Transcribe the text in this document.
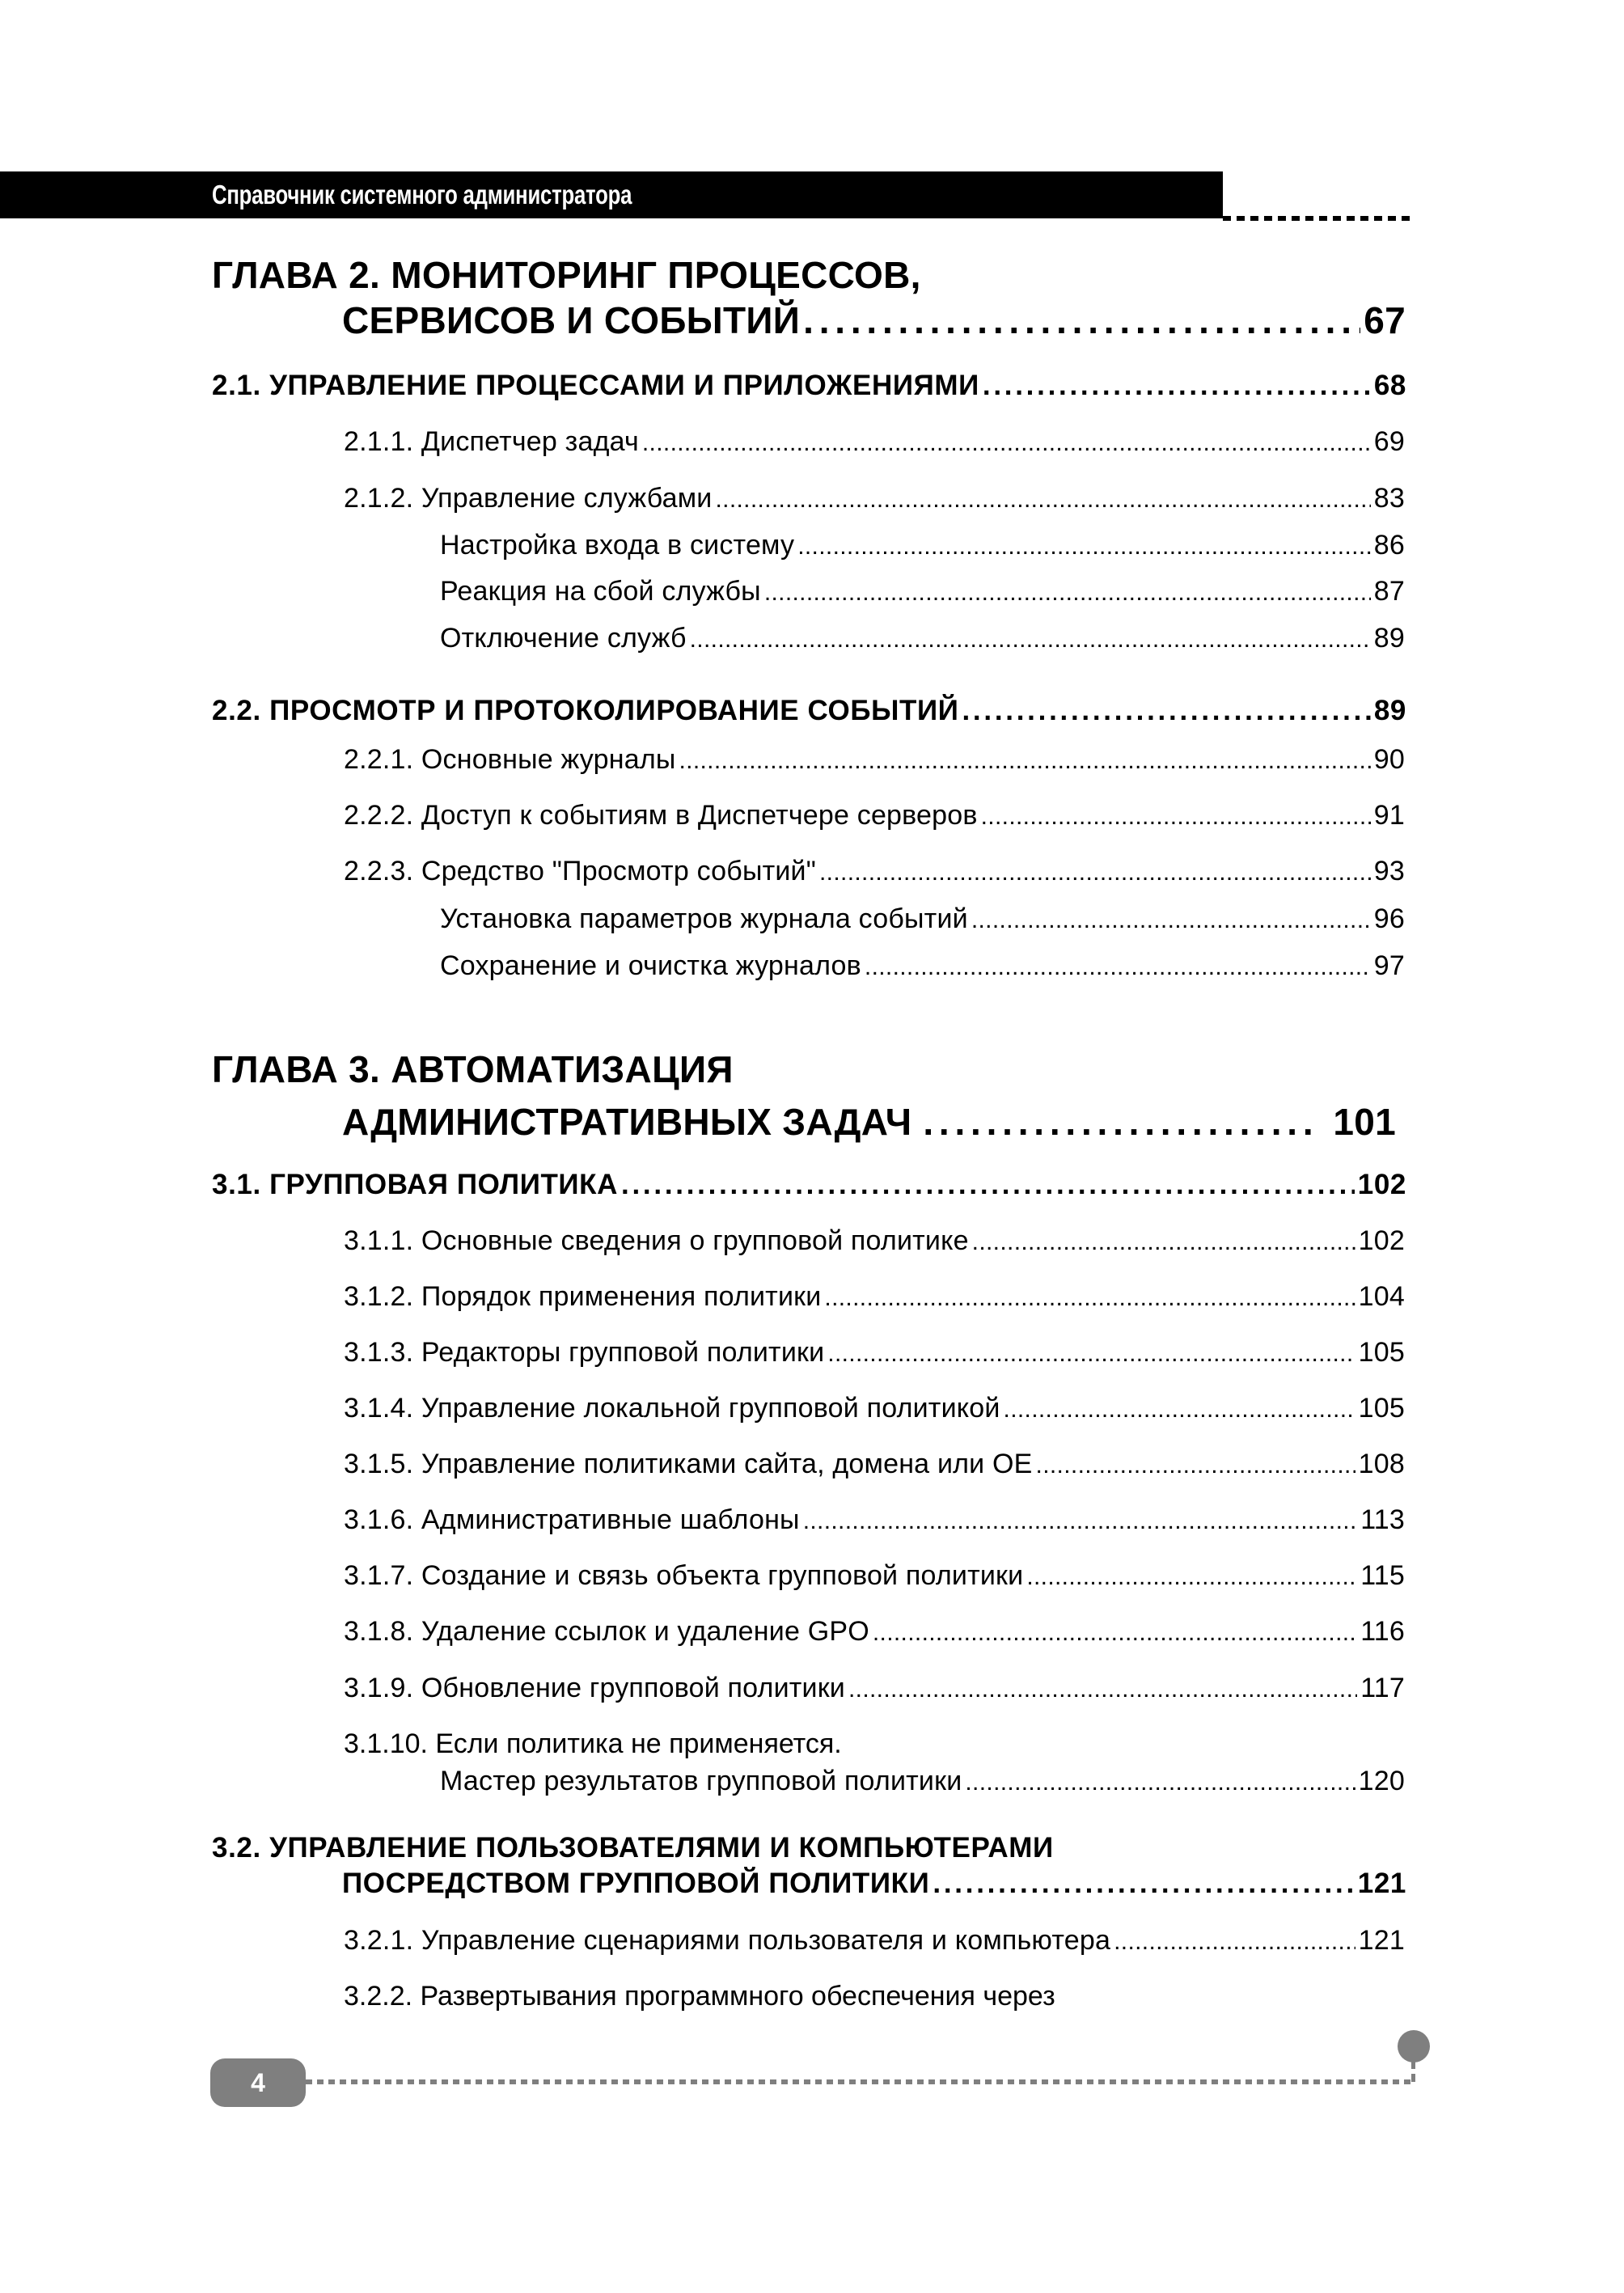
Справочник системного администратора
ГЛАВА 2. МОНИТОРИНГ ПРОЦЕССОВ,
СЕРВИСОВ И СОБЫТИЙ . . .	67
2.1. УПРАВЛЕНИЕ ПРОЦЕССАМИ И ПРИЛОЖЕНИЯМИ . . .	68
2.1.1. Диспетчер задач . . .	69
2.1.2. Управление службами . . .	83
Настройка входа в систему . . .	86
Реакция на сбой службы . . .	87
Отключение служб . . .	89
2.2. ПРОСМОТР И ПРОТОКОЛИРОВАНИЕ СОБЫТИЙ . . .	89
2.2.1. Основные журналы . . .	90
2.2.2. Доступ к событиям в Диспетчере серверов . . .	91
2.2.3. Средство "Просмотр событий" . . .	93
Установка параметров журнала событий . . .	96
Сохранение и очистка журналов . . .	97
ГЛАВА 3. АВТОМАТИЗАЦИЯ
АДМИНИСТРАТИВНЫХ ЗАДАЧ . . .	101
3.1. ГРУППОВАЯ ПОЛИТИКА . . .	102
3.1.1. Основные сведения о групповой политике . . .	102
3.1.2. Порядок применения политики . . .	104
3.1.3. Редакторы групповой политики . . .	105
3.1.4. Управление локальной групповой политикой . . .	105
3.1.5. Управление политиками сайта, домена или ОЕ . . .	108
3.1.6. Административные шаблоны . . .	113
3.1.7. Создание и связь объекта групповой политики . . .	115
3.1.8. Удаление ссылок и удаление GPO . . .	116
3.1.9. Обновление групповой политики . . .	117
3.1.10. Если политика не применяется.
Мастер результатов групповой политики . . .	120
3.2. УПРАВЛЕНИЕ ПОЛЬЗОВАТЕЛЯМИ И КОМПЬЮТЕРАМИ
ПОСРЕДСТВОМ ГРУППОВОЙ ПОЛИТИКИ . . .	121
3.2.1. Управление сценариями пользователя и компьютера . . .	121
3.2.2. Развертывания программного обеспечения через
4
